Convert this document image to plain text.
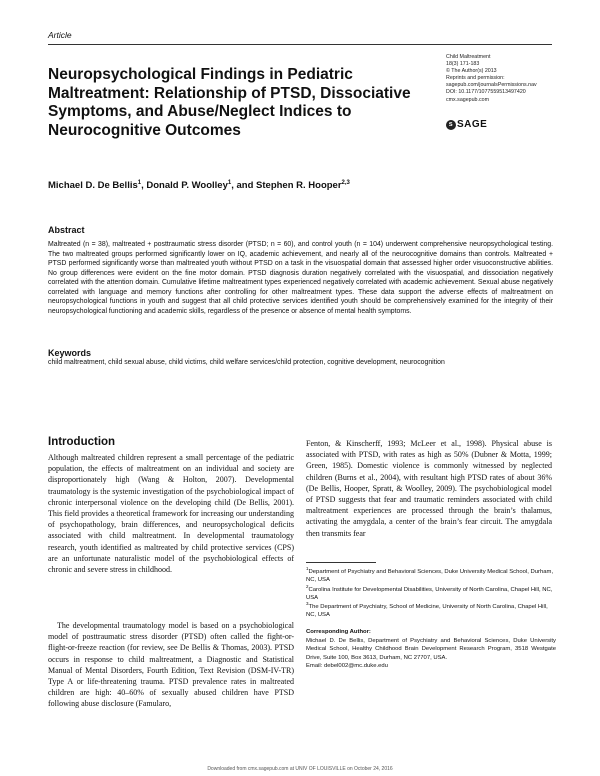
Article
Neuropsychological Findings in Pediatric Maltreatment: Relationship of PTSD, Dissociative Symptoms, and Abuse/Neglect Indices to Neurocognitive Outcomes
Child Maltreatment
18(3) 171-183
© The Author(s) 2013
Reprints and permission:
sagepub.com/journalsPermissions.nav
DOI: 10.1177/1077559513497420
cmx.sagepub.com
s SAGE
Michael D. De Bellis$^1$, Donald P. Woolley$^1$, and Stephen R. Hooper$^{2,3}$
Abstract

Maltreated (n = 38), maltreated + posttraumatic stress disorder (PTSD; n = 60), and control youth (n = 104) underwent comprehensive neuropsychological testing. The two maltreated groups performed significantly lower on IQ, academic achievement, and nearly all of the neurocognitive domains than controls. Maltreated + PTSD performed significantly worse than maltreated youth without PTSD on a task in the visuospatial domain that assessed higher order visuoconstructive abilities. No group differences were evident on the fine motor domain. PTSD diagnosis duration negatively correlated with the visuospatial, and dissociation negatively correlated with the attention domain. Cumulative lifetime maltreatment types experienced negatively correlated with academic achievement. Sexual abuse negatively correlated with language and memory functions after controlling for other maltreatment types. These data support the adverse effects of maltreatment on neuropsychological functions in youth and suggest that all child protective services identified youth should be comprehensively examined for the integrity of their neuropsychological functioning and academic skills, regardless of the presence or absence of mental health symptoms.

Keywords

child maltreatment, child sexual abuse, child victims, child welfare services/child protection, cognitive development, neurocognition

Introduction

Although maltreated children represent a small percentage of the pediatric population, the effects of maltreatment on an individual and society are disproportionately high (Wang & Holton, 2007). Developmental traumatology is the systemic investigation of the psychobiological impact of chronic interpersonal violence on the developing child (De Bellis, 2001). This field provides a theoretical framework for increasing our understanding of psychopathology, brain differences, and neuropsychological deficits associated with child maltreatment. In developmental traumatology research, youth identified as maltreated by child protective services (CPS) are an unfortunate naturalistic model of the psychobiological effects of chronic and severe stress in childhood.

The developmental traumatology model is based on a psychobiological model of posttraumatic stress disorder (PTSD) often called the fight-or-flight-or-freeze reaction (for review, see De Bellis & Thomas, 2003). PTSD occurs in response to child maltreatment, a Diagnostic and Statistical Manual of Mental Disorders, Fourth Edition, Text Revision (DSM-IV-TR) Type A or life-threatening trauma. PTSD prevalence rates in maltreated children are high: 40–60% of sexually abused children have PTSD following abuse disclosure (Famularo,

Fenton, & Kinscherff, 1993; McLeer et al., 1998). Physical abuse is associated with PTSD, with rates as high as 50% (Dubner & Motta, 1999; Green, 1985). Domestic violence is commonly witnessed by neglected children (Burns et al., 2004), with resultant high PTSD rates of about 36% (De Bellis, Hooper, Spratt, & Woolley, 2009). The psychobiological model of PTSD suggests that fear and traumatic reminders associated with child maltreatment experiences are processed through the brain’s thalamus, activating the amygdala, a center of the brain’s fear circuit. The amygdala then transmits fear

$^1$Department of Psychiatry and Behavioral Sciences, Duke University Medical School, Durham, NC, USA

$^2$Carolina Institute for Developmental Disabilities, University of North Carolina, Chapel Hill, NC, USA

$^3$The Department of Psychiatry, School of Medicine, University of North Carolina, Chapel Hill, NC, USA

Corresponding Author:
Michael D. De Bellis, Department of Psychiatry and Behavioral Sciences, Duke University Medical School, Healthy Childhood Brain Development Research Program, 3518 Westgate Drive, Suite 100, Box 3613, Durham, NC 27707, USA.
Email: debel002@mc.duke.edu
Downloaded from cmx.sagepub.com at UNIV OF LOUISVILLE on October 24, 2016
